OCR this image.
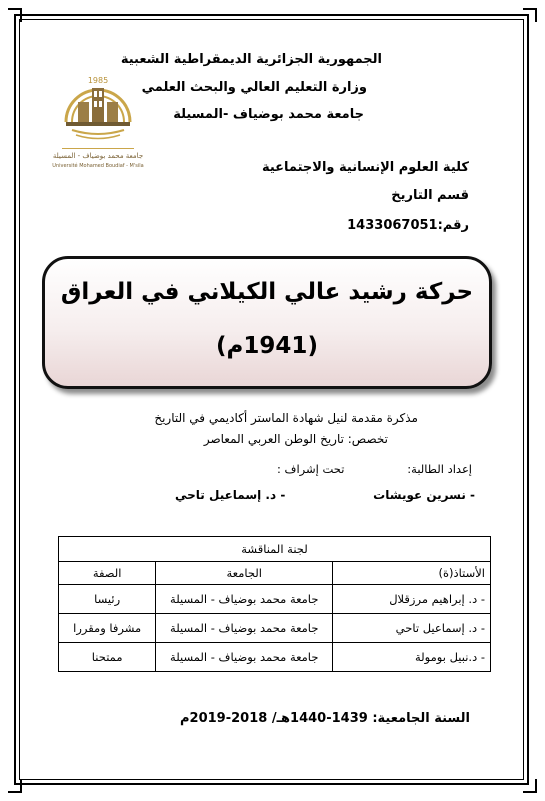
الجمهورية الجزائرية الديمقراطية الشعبية
وزارة التعليم العالي والبحث العلمي
جامعة محمد بوضياف -المسيلة
1985
جامعة محمد بوضياف - المسيلة
Université Mohamed Boudiaf - M'sila	كلية العلوم الإنسانية والاجتماعية
قسم التاريخ
رقم:1433067051
حركة رشيد عالي الكيلاني في العراق
(1941م)
مذكرة مقدمة لنيل شهادة الماستر أكاديمي في التاريخ
تخصص: تاريخ الوطن العربي المعاصر
إعداد الطالبة:
تحت إشراف :
- نسرين عويشات
- د. إسماعيل تاحي
لجنة المناقشة		
الأستاذ(ة)	الجامعة	الصفة
- د. إبراهيم مرزقلال	جامعة محمد بوضياف - المسيلة	رئيسا
- د. إسماعيل تاحي	جامعة محمد بوضياف - المسيلة	مشرفا ومقررا
- د.نبيل بومولة	جامعة محمد بوضياف - المسيلة	ممتحنا
السنة الجامعية: 1439-1440هـ/ 2018-2019م
